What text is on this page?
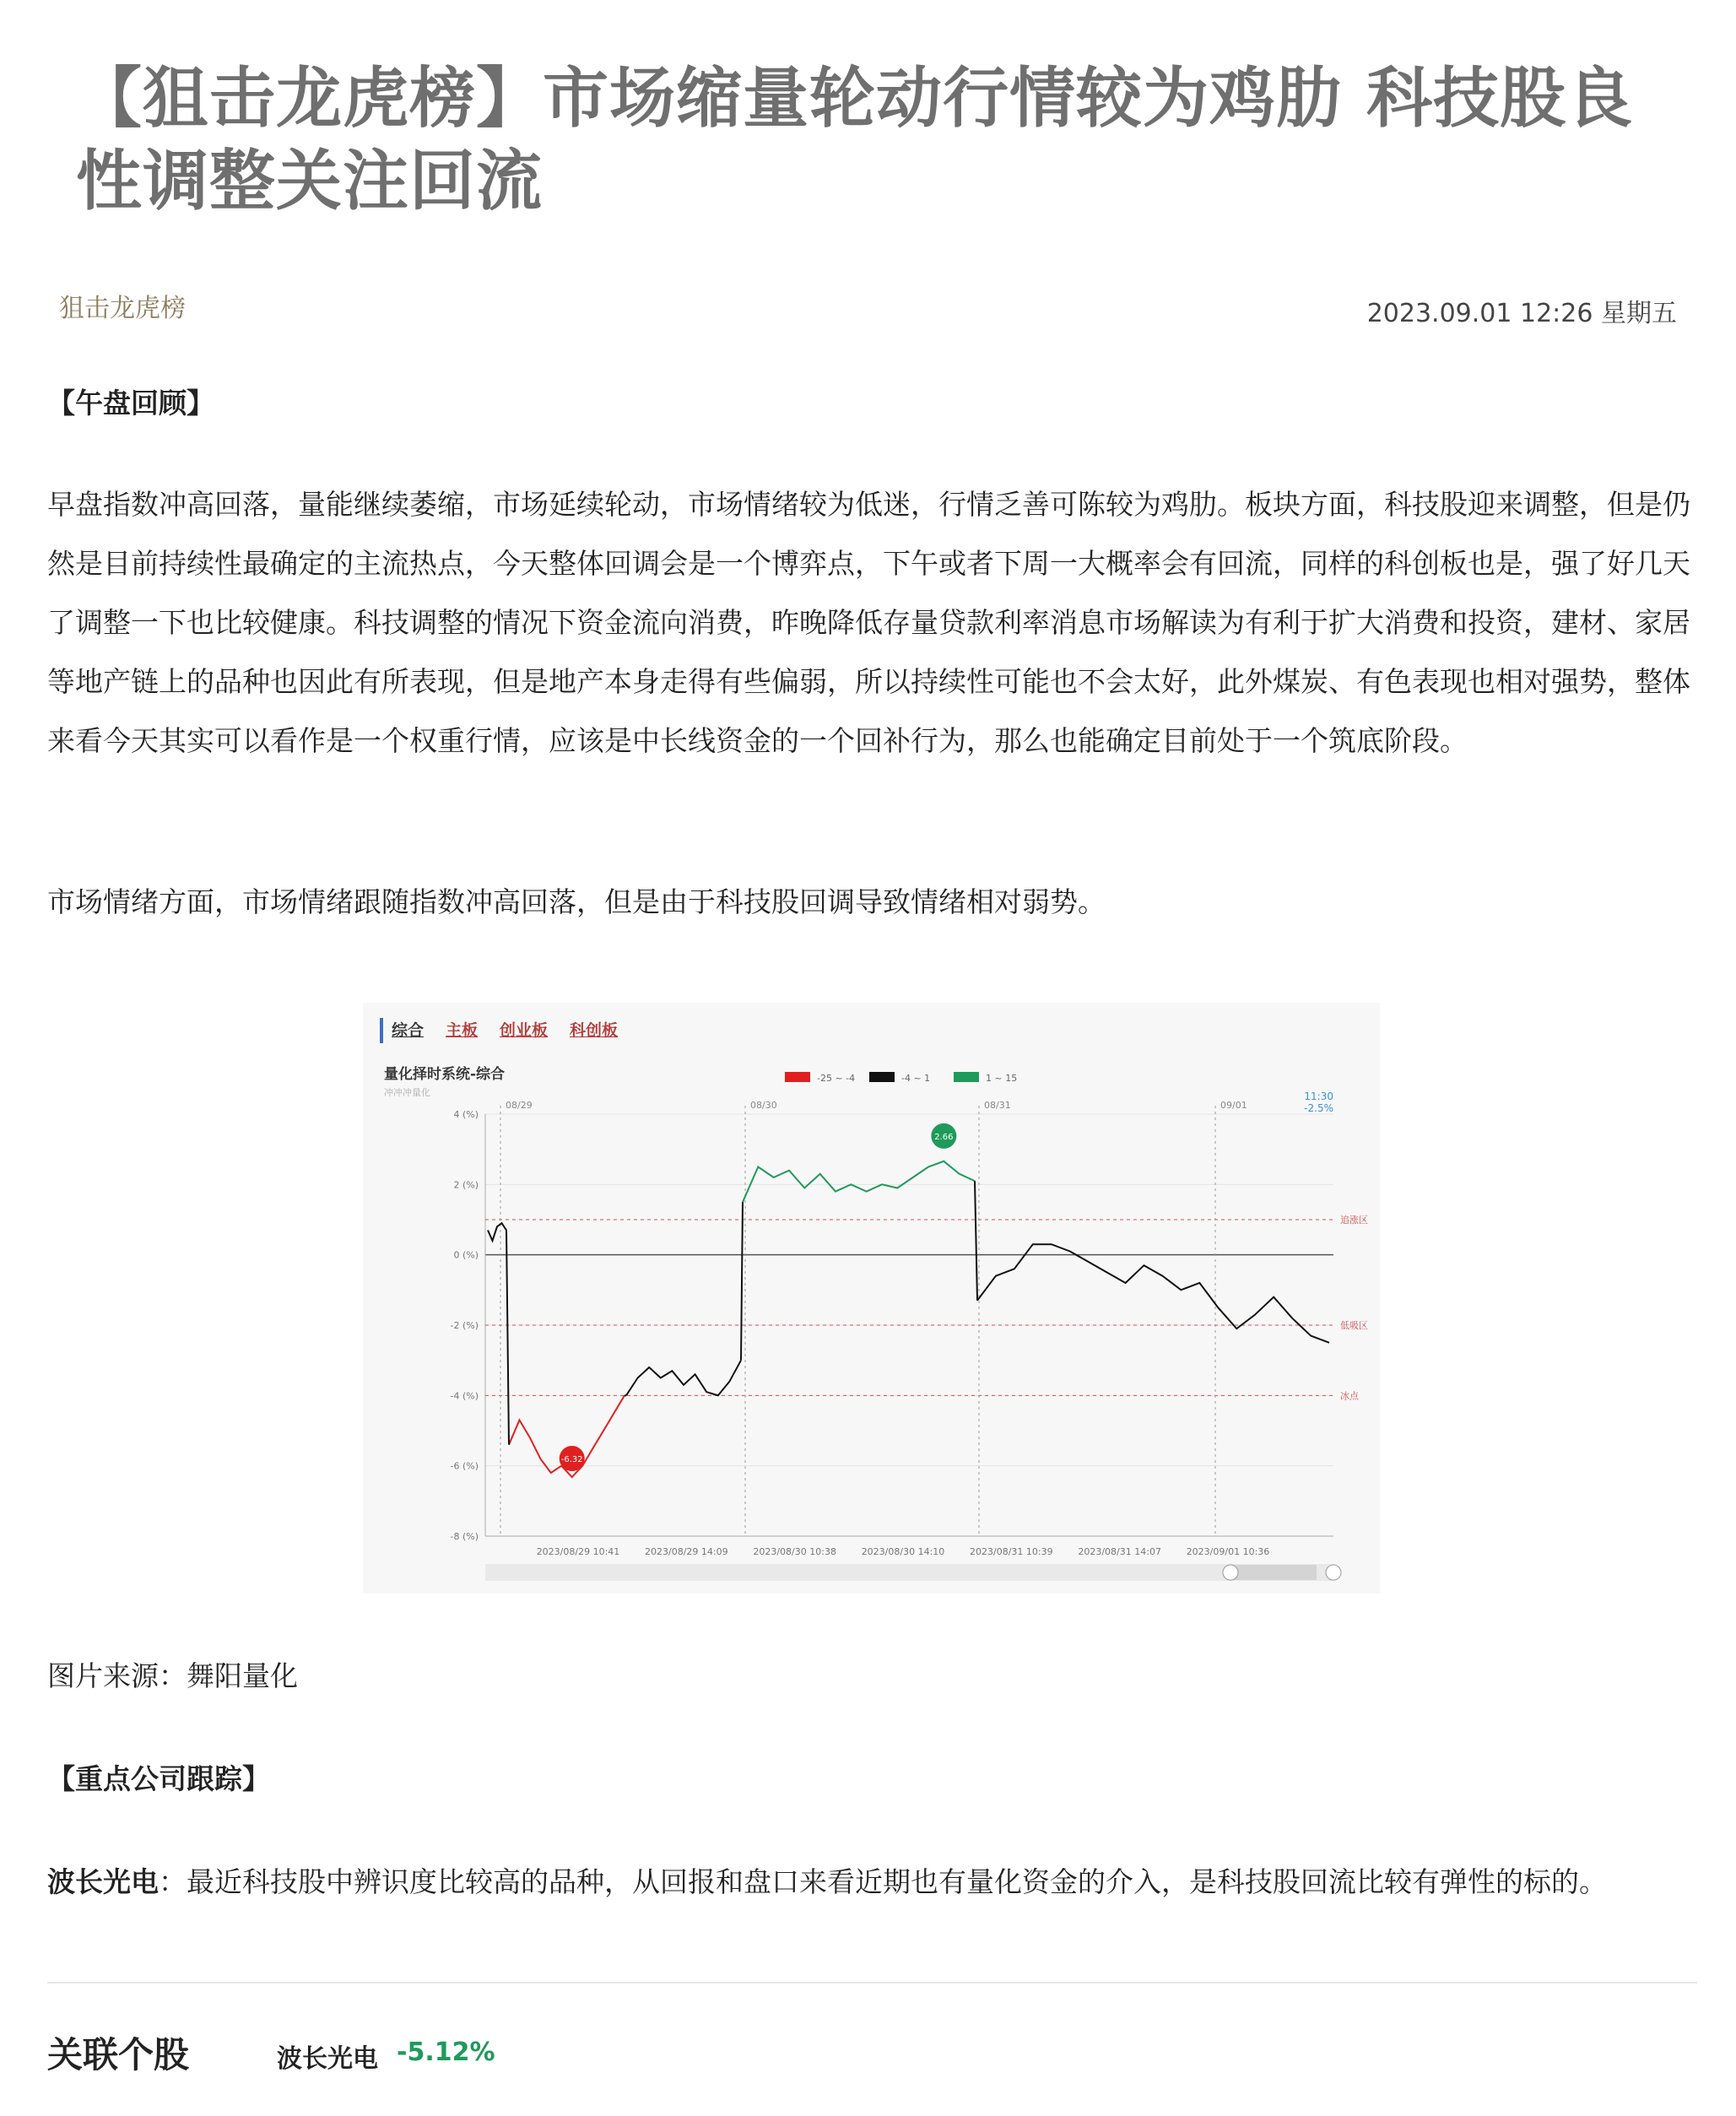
【狙击龙虎榜】市场缩量轮动行情较为鸡肋 科技股良性调整关注回流
狙击龙虎榜	2023.09.01 12:26 星期五
【午盘回顾】
早盘指数冲高回落，量能继续萎缩，市场延续轮动，市场情绪较为低迷，行情乏善可陈较为鸡肋。板块方面，科技股迎来调整，但是仍然是目前持续性最确定的主流热点，今天整体回调会是一个博弈点，下午或者下周一大概率会有回流，同样的科创板也是，强了好几天了调整一下也比较健康。科技调整的情况下资金流向消费，昨晚降低存量贷款利率消息市场解读为有利于扩大消费和投资，建材、家居等地产链上的品种也因此有所表现，但是地产本身走得有些偏弱，所以持续性可能也不会太好，此外煤炭、有色表现也相对强势，整体来看今天其实可以看作是一个权重行情，应该是中长线资金的一个回补行为，那么也能确定目前处于一个筑底阶段。
市场情绪方面，市场情绪跟随指数冲高回落，但是由于科技股回调导致情绪相对弱势。
综合 主板 创业板 科创板
量化择时系统-综合
冲冲冲量化
-25 ~ -4	-4 ~ 1	1 ~ 15
11:30
-2.5%
-8 (%)
-6 (%)
-4 (%)
-2 (%)
0 (%)
2 (%)
4 (%)
追涨区
低吸区
冰点
08/29	08/30	08/31	09/01
2023/08/29 10:41	2023/08/29 14:09	2023/08/30 10:38	2023/08/30 14:10	2023/08/31 10:39	2023/08/31 14:07	2023/09/01 10:36
2.66
-6.32
图片来源：舞阳量化
【重点公司跟踪】
波长光电：最近科技股中辨识度比较高的品种，从回报和盘口来看近期也有量化资金的介入，是科技股回流比较有弹性的标的。
关联个股	波长光电 -5.12%
